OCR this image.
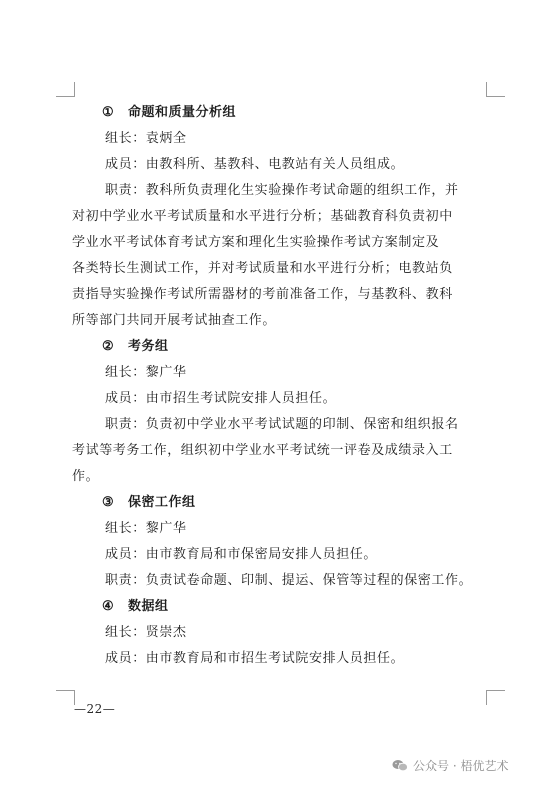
① 命题和质量分析组
组长：袁炳全
成员：由教科所、基教科、电教站有关人员组成。
职责：教科所负责理化生实验操作考试命题的组织工作，并
对初中学业水平考试质量和水平进行分析；基础教育科负责初中
学业水平考试体育考试方案和理化生实验操作考试方案制定及
各类特长生测试工作，并对考试质量和水平进行分析；电教站负
责指导实验操作考试所需器材的考前准备工作，与基教科、教科
所等部门共同开展考试抽查工作。
② 考务组
组长：黎广华
成员：由市招生考试院安排人员担任。
职责：负责初中学业水平考试试题的印制、保密和组织报名
考试等考务工作，组织初中学业水平考试统一评卷及成绩录入工
作。
③ 保密工作组
组长：黎广华
成员：由市教育局和市保密局安排人员担任。
职责：负责试卷命题、印制、提运、保管等过程的保密工作。
④ 数据组
组长：贤崇杰
成员：由市教育局和市招生考试院安排人员担任。
—22—
公众号 · 梧优艺术
